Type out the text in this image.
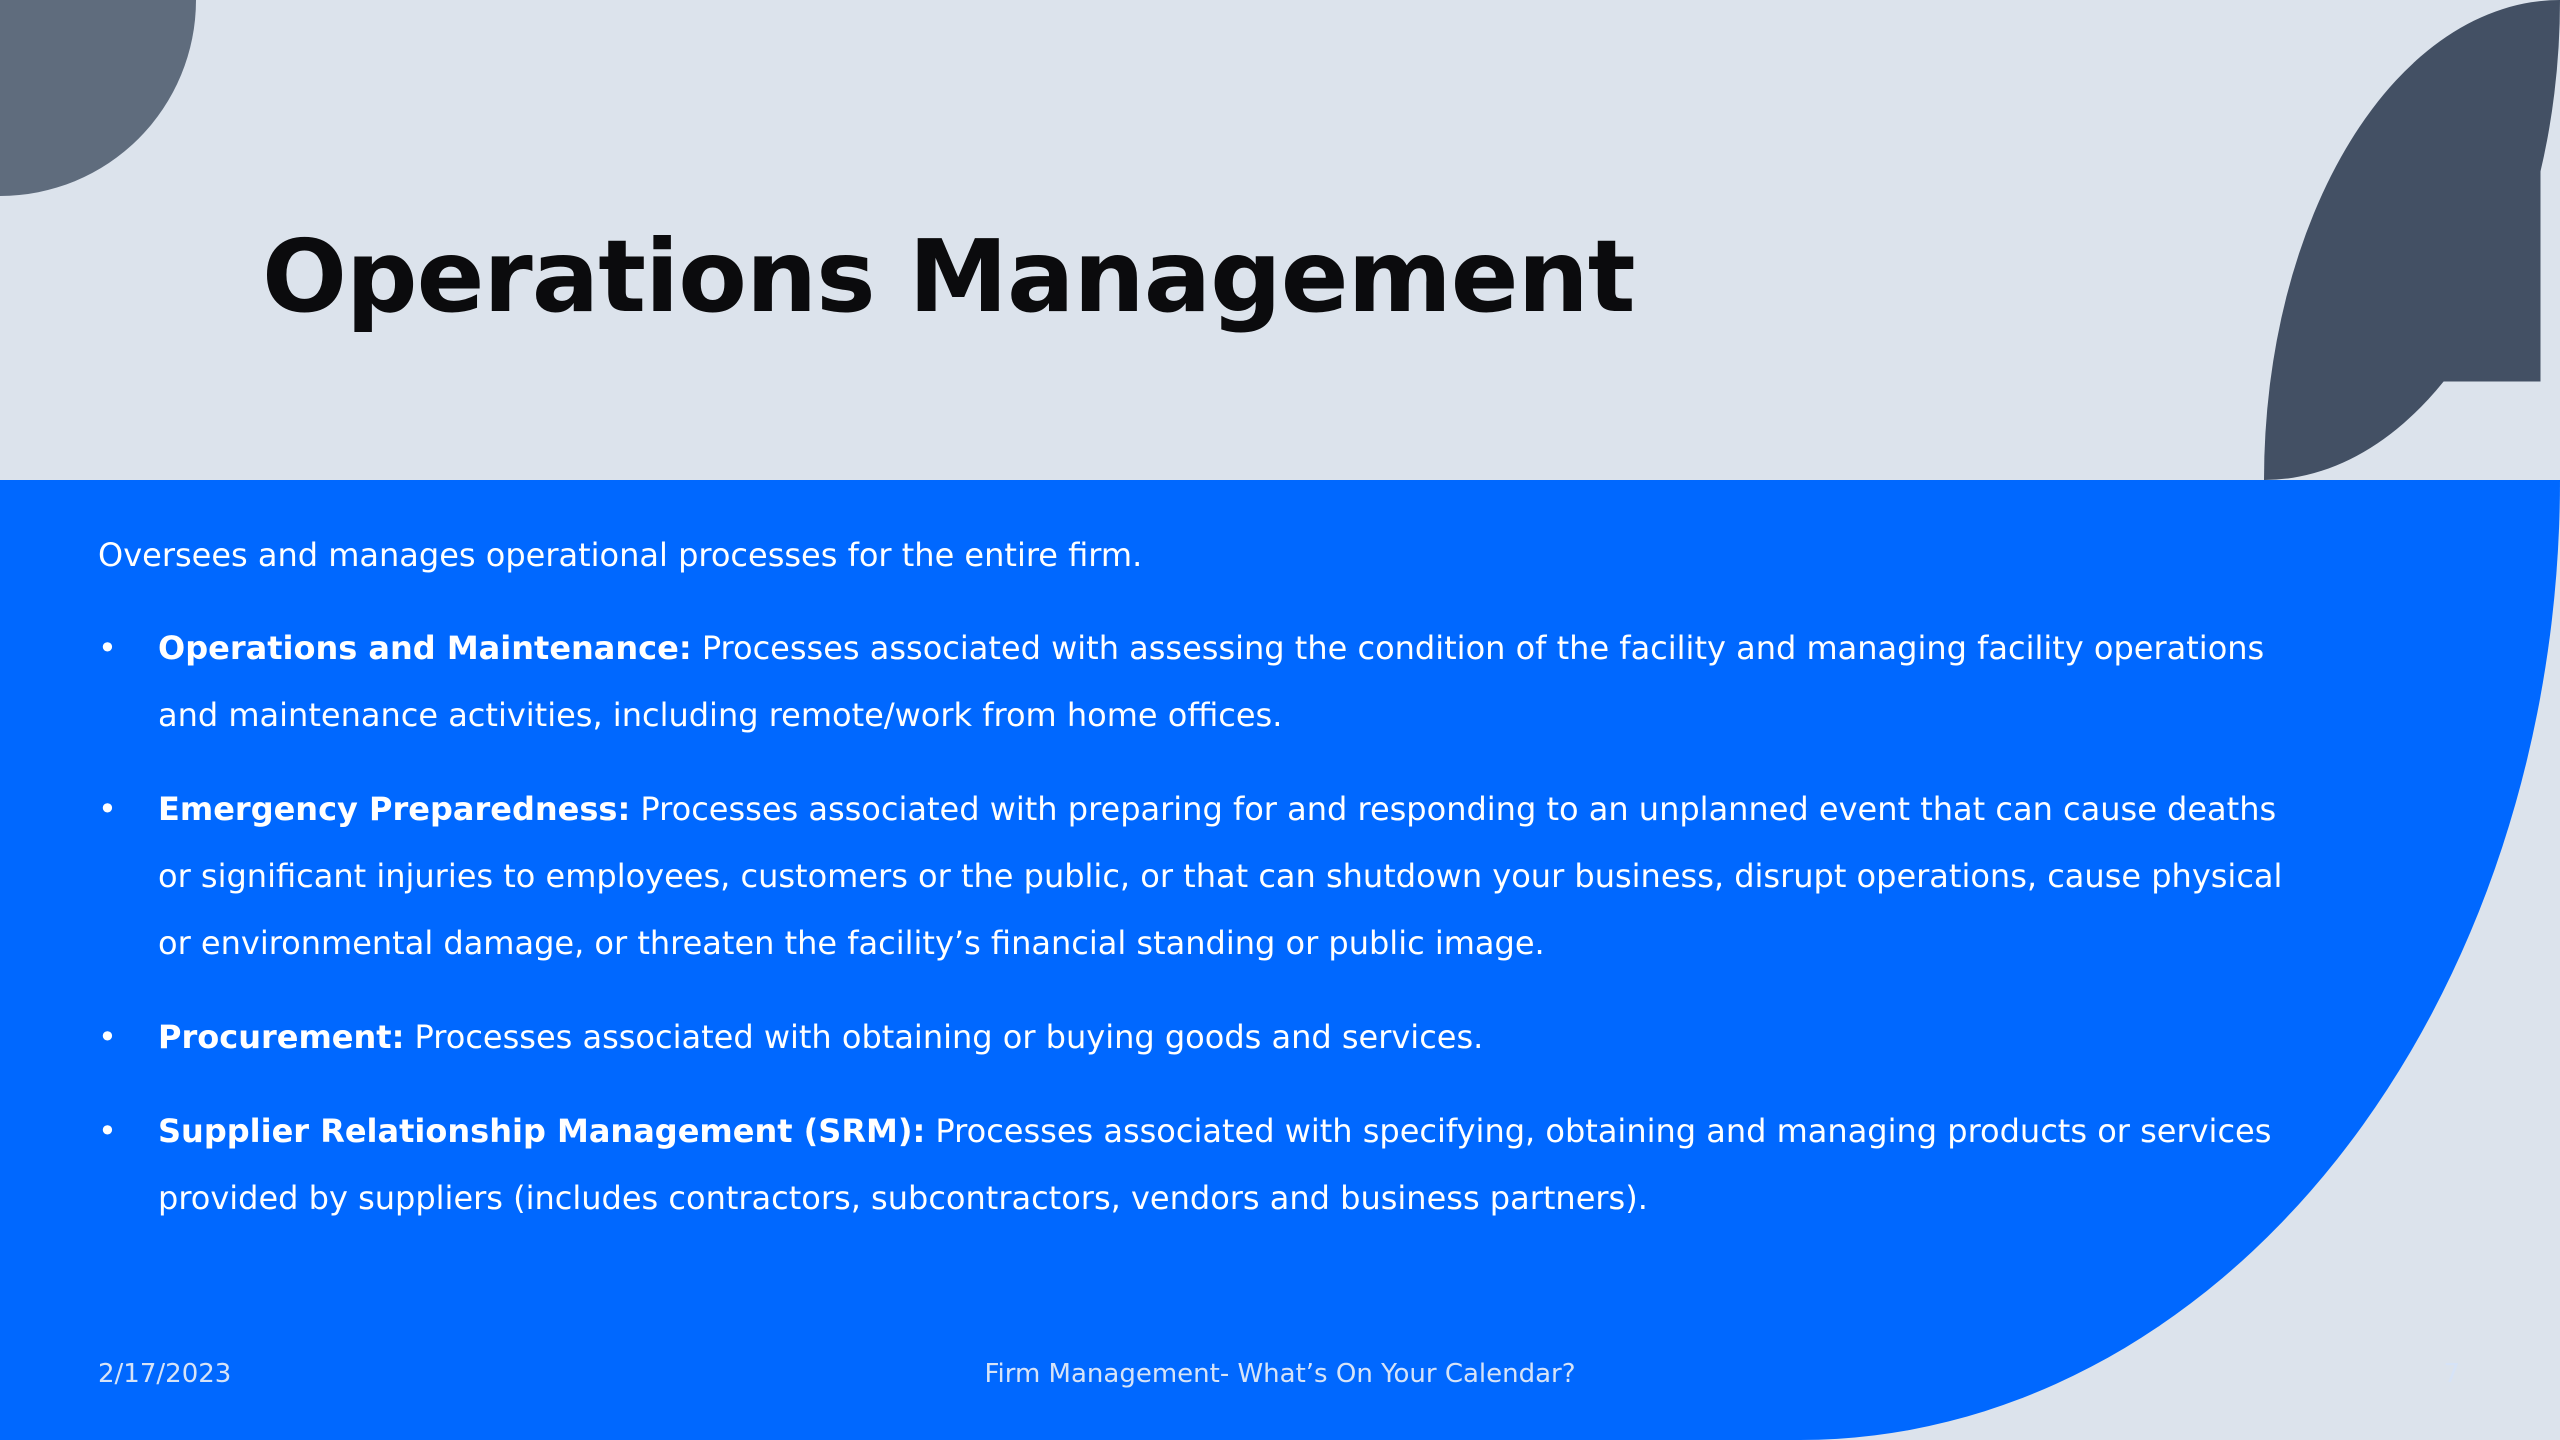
Operations Management

Oversees and manages operational processes for the entire firm.

• Operations and Maintenance: Processes associated with assessing the condition of the facility and managing facility operations and maintenance activities, including remote/work from home offices.
• Emergency Preparedness: Processes associated with preparing for and responding to an unplanned event that can cause deaths or significant injuries to employees, customers or the public, or that can shutdown your business, disrupt operations, cause physical or environmental damage, or threaten the facility’s financial standing or public image.
• Procurement: Processes associated with obtaining or buying goods and services.
• Supplier Relationship Management (SRM): Processes associated with specifying, obtaining and managing products or services provided by suppliers (includes contractors, subcontractors, vendors and business partners).
2/17/2023	Firm Management- What’s On Your Calendar?	7
